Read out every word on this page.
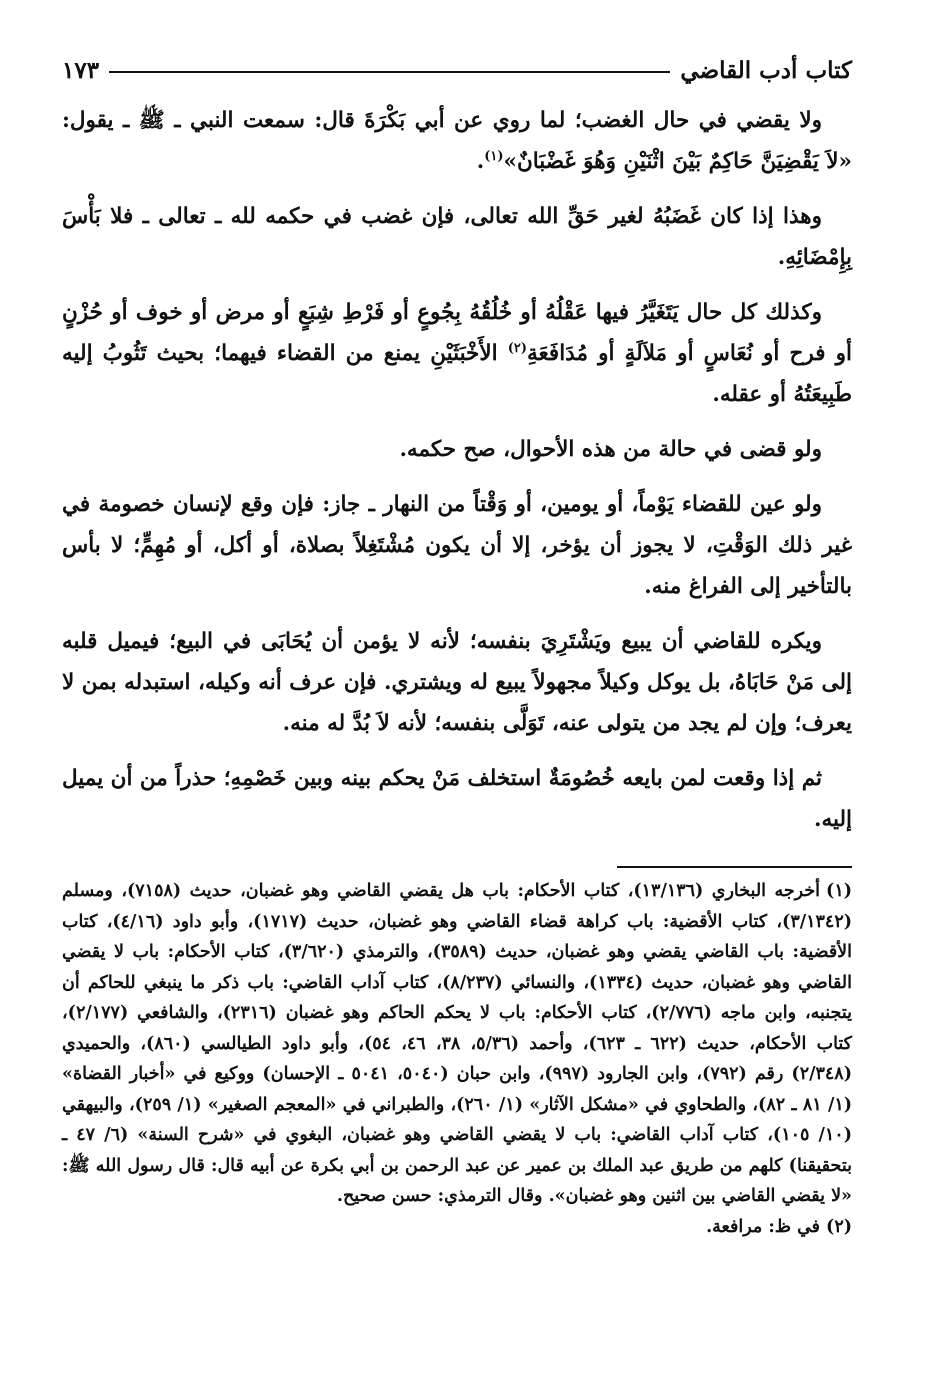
كتاب أدب القاضي
١٧٣

ولا يقضي في حال الغضب؛ لما روي عن أبي بَكْرَةَ قال: سمعت النبي ـ ﷺ ـ يقول: «لاَ يَقْضِيَنَّ حَاكِمٌ بَيْنَ اثْنَيْنِ وَهُوَ غَضْبَانٌ»$^{(١)}$.

وهذا إذا كان غَضَبُهُ لغير حَقِّ الله تعالى، فإن غضب في حكمه لله ـ تعالى ـ فلا بَأْسَ بِإِمْضَائِهِ.

وكذلك كل حال يَتَغَيَّرُ فيها عَقْلُهُ أو خُلُقُهُ بِجُوعٍ أو فَرْطِ شِبَعٍ أو مرض أو خوف أو حُزْنٍ أو فرح أو نُعَاسٍ أو مَلاَلَةٍ أو مُدَافَعَةِ$^{(٢)}$ الأَخْبَثَيْنِ يمنع من القضاء فيهما؛ بحيث تَثُوبُ إليه طَبِيعَتُهُ أو عقله.

ولو قضى في حالة من هذه الأحوال، صح حكمه.

ولو عين للقضاء يَوْماً، أو يومين، أو وَقْتاً من النهار ـ جاز: فإن وقع لإنسان خصومة في غير ذلك الوَقْتِ، لا يجوز أن يؤخر، إلا أن يكون مُشْتَغِلاً بصلاة، أو أكل، أو مُهِمٍّ؛ لا بأس بالتأخير إلى الفراغ منه.

ويكره للقاضي أن يبيع ويَشْتَرِيَ بنفسه؛ لأنه لا يؤمن أن يُحَابَى في البيع؛ فيميل قلبه إلى مَنْ حَابَاهُ، بل يوكل وكيلاً مجهولاً يبيع له ويشتري. فإن عرف أنه وكيله، استبدله بمن لا يعرف؛ وإن لم يجد من يتولى عنه، تَوَلَّى بنفسه؛ لأنه لاَ بُدَّ له منه.

ثم إذا وقعت لمن بايعه خُصُومَةٌ استخلف مَنْ يحكم بينه وبين خَصْمِهِ؛ حذراً من أن يميل إليه.

(١)أخرجه البخاري (١٣/١٣٦)، كتاب الأحكام: باب هل يقضي القاضي وهو غضبان، حديث (٧١٥٨)، ومسلم (٣/١٣٤٢)، كتاب الأقضية: باب كراهة قضاء القاضي وهو غضبان، حديث (١٧١٧)، وأبو داود (٤/١٦)، كتاب الأقضية: باب القاضي يقضي وهو غضبان، حديث (٣٥٨٩)، والترمذي (٣/٦٢٠)، كتاب الأحكام: باب لا يقضي القاضي وهو غضبان، حديث (١٣٣٤)، والنسائي (٨/٢٣٧)، كتاب آداب القاضي: باب ذكر ما ينبغي للحاكم أن يتجنبه، وابن ماجه (٢/٧٧٦)، كتاب الأحكام: باب لا يحكم الحاكم وهو غضبان (٢٣١٦)، والشافعي (٢/١٧٧)، كتاب الأحكام، حديث (٦٢٢ ـ ٦٢٣)، وأحمد (٥/٣٦، ٣٨، ٤٦، ٥٤)، وأبو داود الطيالسي (٨٦٠)، والحميدي (٢/٣٤٨) رقم (٧٩٢)، وابن الجارود (٩٩٧)، وابن حبان (٥٠٤٠، ٥٠٤١ ـ الإحسان) ووكيع في «أخبار القضاة» (١/ ٨١ ـ ٨٢)، والطحاوي في «مشكل الآثار» (١/ ٢٦٠)، والطبراني في «المعجم الصغير» (١/ ٢٥٩)، والبيهقي (١٠/ ١٠٥)، كتاب آداب القاضي: باب لا يقضي القاضي وهو غضبان، البغوي في «شرح السنة» (٦/ ٤٧ ـ بتحقيقنا) كلهم من طريق عبد الملك بن عمير عن عبد الرحمن بن أبي بكرة عن أبيه قال: قال رسول الله ﷺ: «لا يقضي القاضي بين اثنين وهو غضبان». وقال الترمذي: حسن صحيح.

(٢)في ظ: مرافعة.
